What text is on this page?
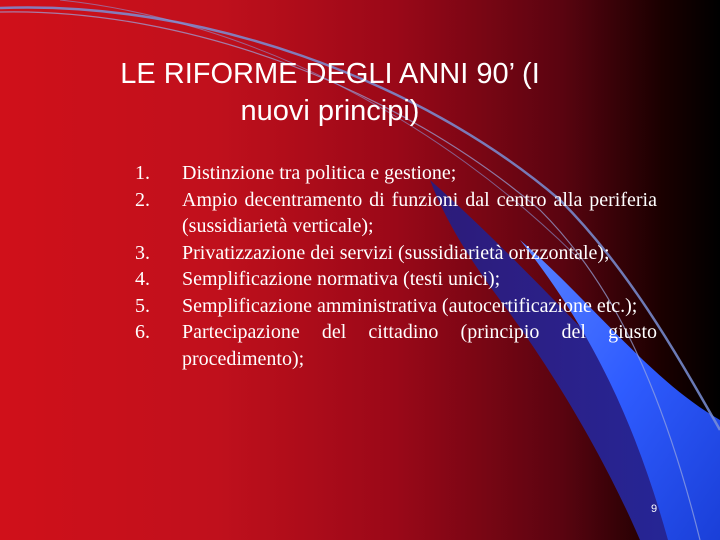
LE RIFORME DEGLI ANNI 90’ (I nuovi principi)
1. Distinzione tra politica e gestione;
2. Ampio decentramento di funzioni dal centro alla periferia (sussidiarietà verticale);
3. Privatizzazione dei servizi (sussidiarietà orizzontale);
4. Semplificazione normativa (testi unici);
5. Semplificazione amministrativa (autocertificazione etc.);
6. Partecipazione del cittadino (principio del giusto procedimento);
9
